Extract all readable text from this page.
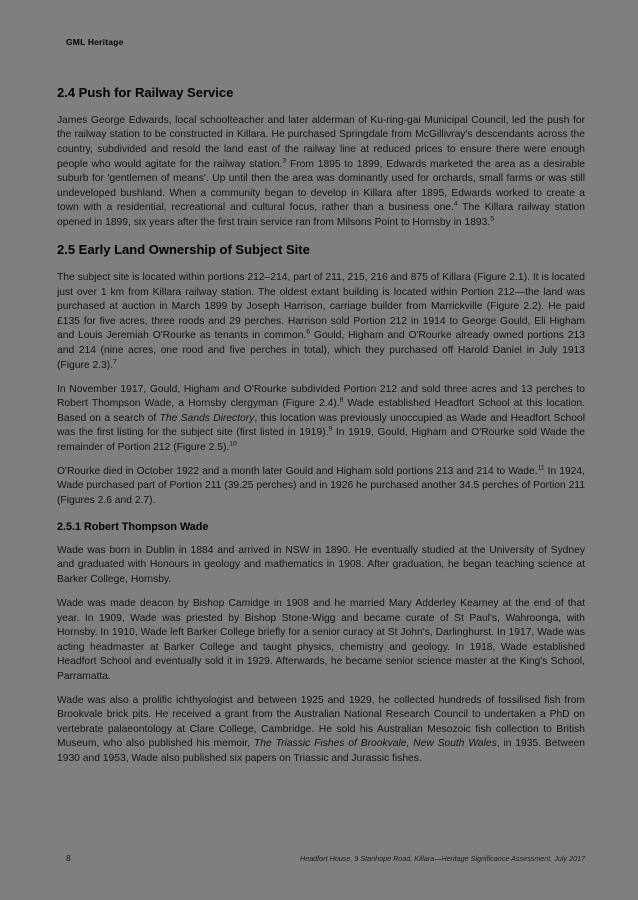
GML Heritage
2.4 Push for Railway Service

James George Edwards, local schoolteacher and later alderman of Ku-ring-gai Municipal Council, led the push for the railway station to be constructed in Killara. He purchased Springdale from McGillivray's descendants across the country, subdivided and resold the land east of the railway line at reduced prices to ensure there were enough people who would agitate for the railway station.$^3$ From 1895 to 1899, Edwards marketed the area as a desirable suburb for 'gentlemen of means'. Up until then the area was dominantly used for orchards, small farms or was still undeveloped bushland. When a community began to develop in Killara after 1895, Edwards worked to create a town with a residential, recreational and cultural focus, rather than a business one.$^4$ The Killara railway station opened in 1899, six years after the first train service ran from Milsons Point to Hornsby in 1893.$^5$

2.5 Early Land Ownership of Subject Site

The subject site is located within portions 212–214, part of 211, 215, 216 and 875 of Killara (Figure 2.1). It is located just over 1 km from Killara railway station. The oldest extant building is located within Portion 212—the land was purchased at auction in March 1899 by Joseph Harrison, carriage builder from Marrickville (Figure 2.2). He paid £135 for five acres, three roods and 29 perches. Harrison sold Portion 212 in 1914 to George Gould, Eli Higham and Louis Jeremiah O'Rourke as tenants in common.$^6$ Gould, Higham and O'Rourke already owned portions 213 and 214 (nine acres, one rood and five perches in total), which they purchased off Harold Daniel in July 1913 (Figure 2.3).$^7$

In November 1917, Gould, Higham and O'Rourke subdivided Portion 212 and sold three acres and 13 perches to Robert Thompson Wade, a Hornsby clergyman (Figure 2.4).$^8$ Wade established Headfort School at this location. Based on a search of The Sands Directory, this location was previously unoccupied as Wade and Headfort School was the first listing for the subject site (first listed in 1919).$^9$ In 1919, Gould, Higham and O'Rourke sold Wade the remainder of Portion 212 (Figure 2.5).$^{10}$

O'Rourke died in October 1922 and a month later Gould and Higham sold portions 213 and 214 to Wade.$^{11}$ In 1924, Wade purchased part of Portion 211 (39.25 perches) and in 1926 he purchased another 34.5 perches of Portion 211 (Figures 2.6 and 2.7).

2.5.1 Robert Thompson Wade

Wade was born in Dublin in 1884 and arrived in NSW in 1890. He eventually studied at the University of Sydney and graduated with Honours in geology and mathematics in 1908. After graduation, he began teaching science at Barker College, Hornsby.

Wade was made deacon by Bishop Camidge in 1908 and he married Mary Adderley Kearney at the end of that year. In 1909, Wade was priested by Bishop Stone-Wigg and became curate of St Paul's, Wahroonga, with Hornsby. In 1910, Wade left Barker College briefly for a senior curacy at St John's, Darlinghurst. In 1917, Wade was acting headmaster at Barker College and taught physics, chemistry and geology. In 1918, Wade established Headfort School and eventually sold it in 1929. Afterwards, he became senior science master at the King's School, Parramatta.

Wade was also a prolific ichthyologist and between 1925 and 1929, he collected hundreds of fossilised fish from Brookvale brick pits. He received a grant from the Australian National Research Council to undertaken a PhD on vertebrate palaeontology at Clare College, Cambridge. He sold his Australian Mesozoic fish collection to British Museum, who also published his memoir, The Triassic Fishes of Brookvale, New South Wales, in 1935. Between 1930 and 1953, Wade also published six papers on Triassic and Jurassic fishes.

8	Headfort House, 9 Stanhope Road, Killara—Heritage Significance Assessment, July 2017
